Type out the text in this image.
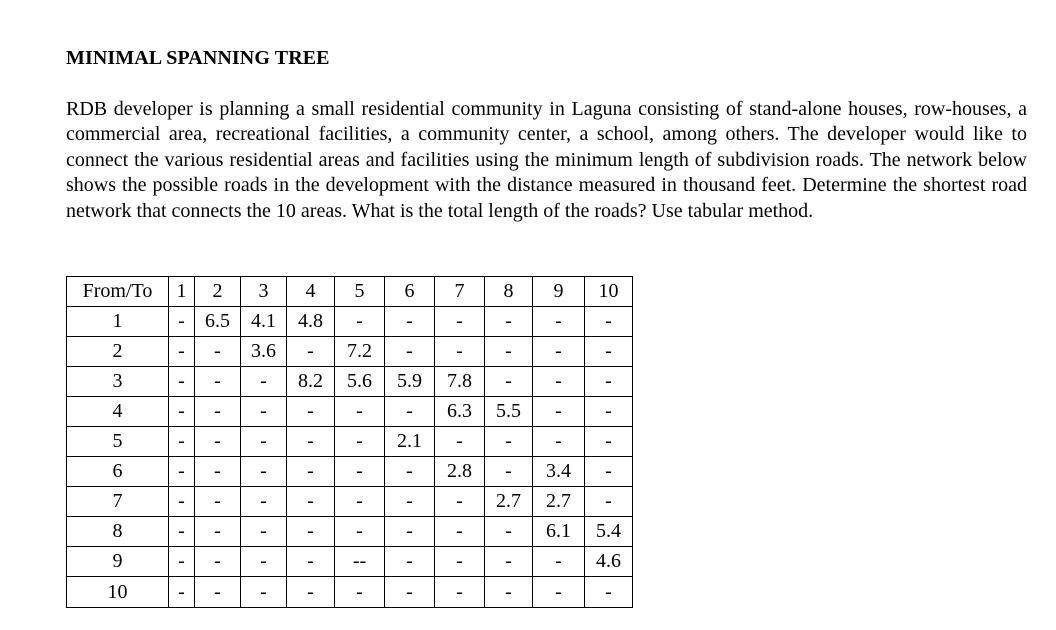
MINIMAL SPANNING TREE
RDB developer is planning a small residential community in Laguna consisting of stand-alone houses, row-houses, a commercial area, recreational facilities, a community center, a school, among others. The developer would like to connect the various residential areas and facilities using the minimum length of subdivision roads. The network below shows the possible roads in the development with the distance measured in thousand feet. Determine the shortest road network that connects the 10 areas. What is the total length of the roads? Use tabular method.
From/To	1	2	3	4	5	6	7	8	9	10
1	-	6.5	4.1	4.8	-	-	-	-	-	-
2	-	-	3.6	-	7.2	-	-	-	-	-
3	-	-	-	8.2	5.6	5.9	7.8	-	-	-
4	-	-	-	-	-	-	6.3	5.5	-	-
5	-	-	-	-	-	2.1	-	-	-	-
6	-	-	-	-	-	-	2.8	-	3.4	-
7	-	-	-	-	-	-	-	2.7	2.7	-
8	-	-	-	-	-	-	-	-	6.1	5.4
9	-	-	-	-	--	-	-	-	-	4.6
10	-	-	-	-	-	-	-	-	-	-
